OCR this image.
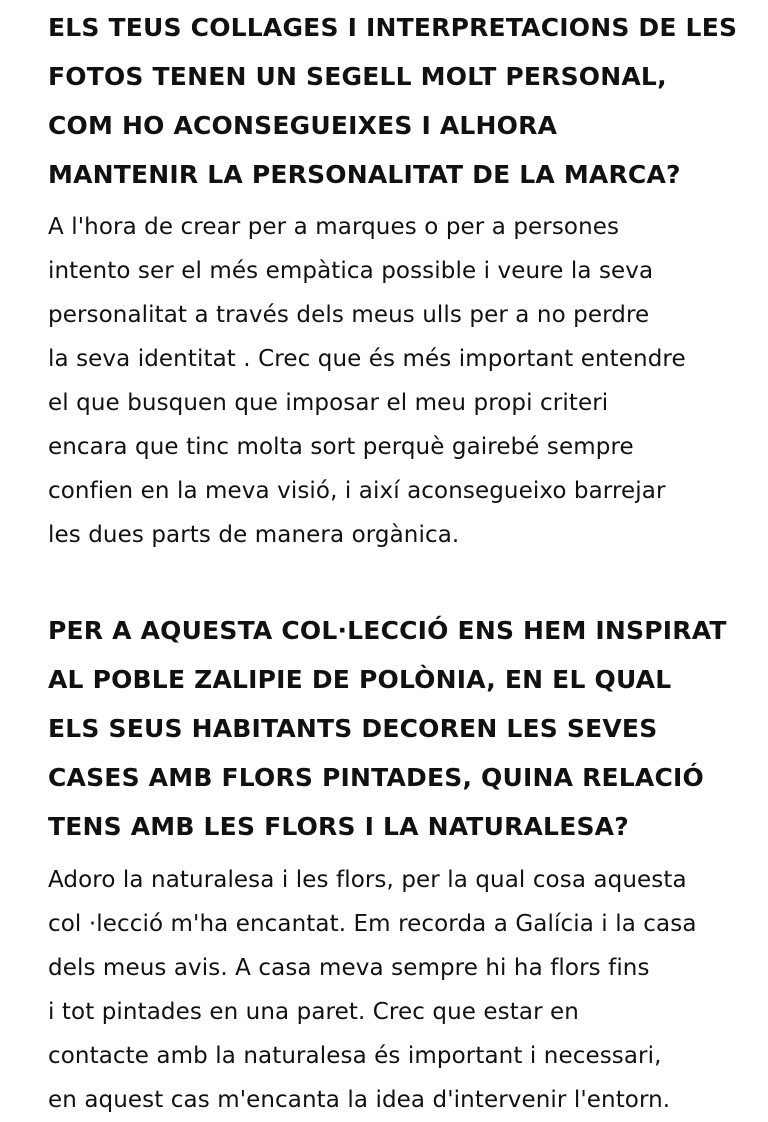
ELS TEUS COLLAGES I INTERPRETACIONS DE LES
FOTOS TENEN UN SEGELL MOLT PERSONAL,
COM HO ACONSEGUEIXES I ALHORA
MANTENIR LA PERSONALITAT DE LA MARCA?

A l'hora de crear per a marques o per a persones
intento ser el més empàtica possible i veure la seva
personalitat a través dels meus ulls per a no perdre
la seva identitat . Crec que és més important entendre
el que busquen que imposar el meu propi criteri
encara que tinc molta sort perquè gairebé sempre
confien en la meva visió, i així aconsegueixo barrejar
les dues parts de manera orgànica.

PER A AQUESTA COL·LECCIÓ ENS HEM INSPIRAT
AL POBLE ZALIPIE DE POLÒNIA, EN EL QUAL
ELS SEUS HABITANTS DECOREN LES SEVES
CASES AMB FLORS PINTADES, QUINA RELACIÓ
TENS AMB LES FLORS I LA NATURALESA?

Adoro la naturalesa i les flors, per la qual cosa aquesta
col ·lecció m'ha encantat. Em recorda a Galícia i la casa
dels meus avis. A casa meva sempre hi ha flors fins
i tot pintades en una paret. Crec que estar en
contacte amb la naturalesa és important i necessari,
en aquest cas m'encanta la idea d'intervenir l'entorn.
